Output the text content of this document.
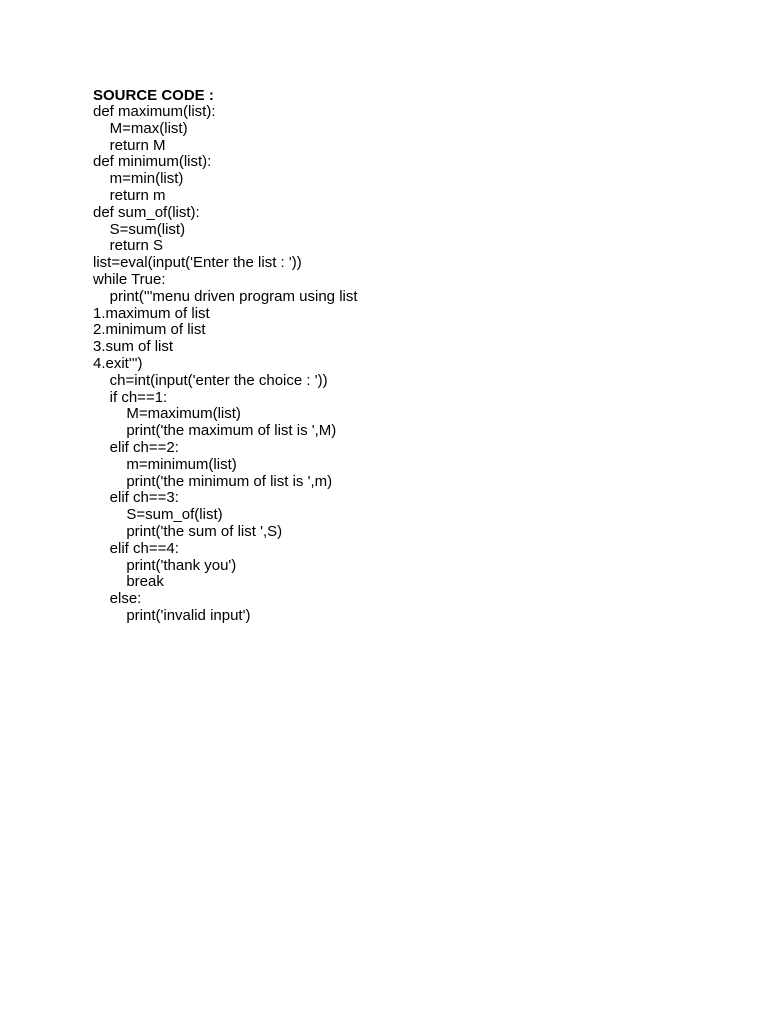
SOURCE CODE :
def maximum(list):
M=max(list)
return M
def minimum(list):
m=min(list)
return m
def sum_of(list):
S=sum(list)
return S
list=eval(input('Enter the list : '))
while True:
print('''menu driven program using list
1.maximum of list
2.minimum of list
3.sum of list
4.exit''')
ch=int(input('enter the choice : '))
if ch==1:
M=maximum(list)
print('the maximum of list is ',M)
elif ch==2:
m=minimum(list)
print('the minimum of list is ',m)
elif ch==3:
S=sum_of(list)
print('the sum of list ',S)
elif ch==4:
print('thank you')
break
else:
print('invalid input')
